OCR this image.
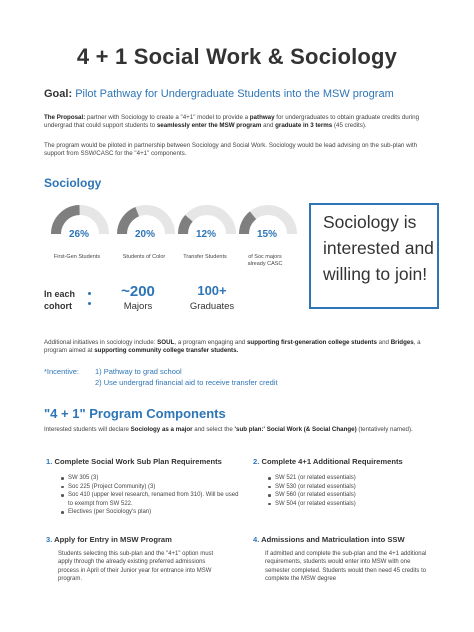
4 + 1 Social Work & Sociology
Goal: Pilot Pathway for Undergraduate Students into the MSW program
The Proposal: partner with Sociology to create a "4+1" model to provide a pathway for undergraduates to obtain graduate credits during undergrad that could support students to seamlessly enter the MSW program and graduate in 3 terms (45 credits).
The program would be piloted in partnership between Sociology and Social Work. Sociology would be lead advising on the sub-plan with support from SSW/CASC for the "4+1" components.
Sociology
26%	20%	12%	15%
First-Gen Students	Students of Color	Transfer Students	of Soc majors already CASC
Sociology is interested and willing to join!
In each
cohort
~200
Majors
100+
Graduates
Additional initiatives in sociology include: SOUL, a program engaging and supporting first-generation college students and Bridges, a program aimed at supporting community college transfer students.
*Incentive: 1) Pathway to grad school
2) Use undergrad financial aid to receive transfer credit
"4 + 1" Program Components
Interested students will declare Sociology as a major and select the 'sub plan:' Social Work (& Social Change) (tentatively named).
1. Complete Social Work Sub Plan Requirements
SW 305 (3)
Soc 225 (Project Community) (3)
Soc 410 (upper level research, renamed from 310). Will be used to exempt from SW 522.
Electives (per Sociology's plan)
2. Complete 4+1 Additional Requirements
SW 521 (or related essentials)
SW 530 (or related essentials)
SW 560 (or related essentials)
SW 504 (or related essentials)
3. Apply for Entry in MSW Program
Students selecting this sub-plan and the "4+1" option must apply through the already existing preferred admissions process in April of their Junior year for entrance into MSW program.
4. Admissions and Matriculation into SSW
If admitted and complete the sub-plan and the 4+1 additional requirements, students would enter into MSW with one semester completed. Students would then need 45 credits to complete the MSW degree
